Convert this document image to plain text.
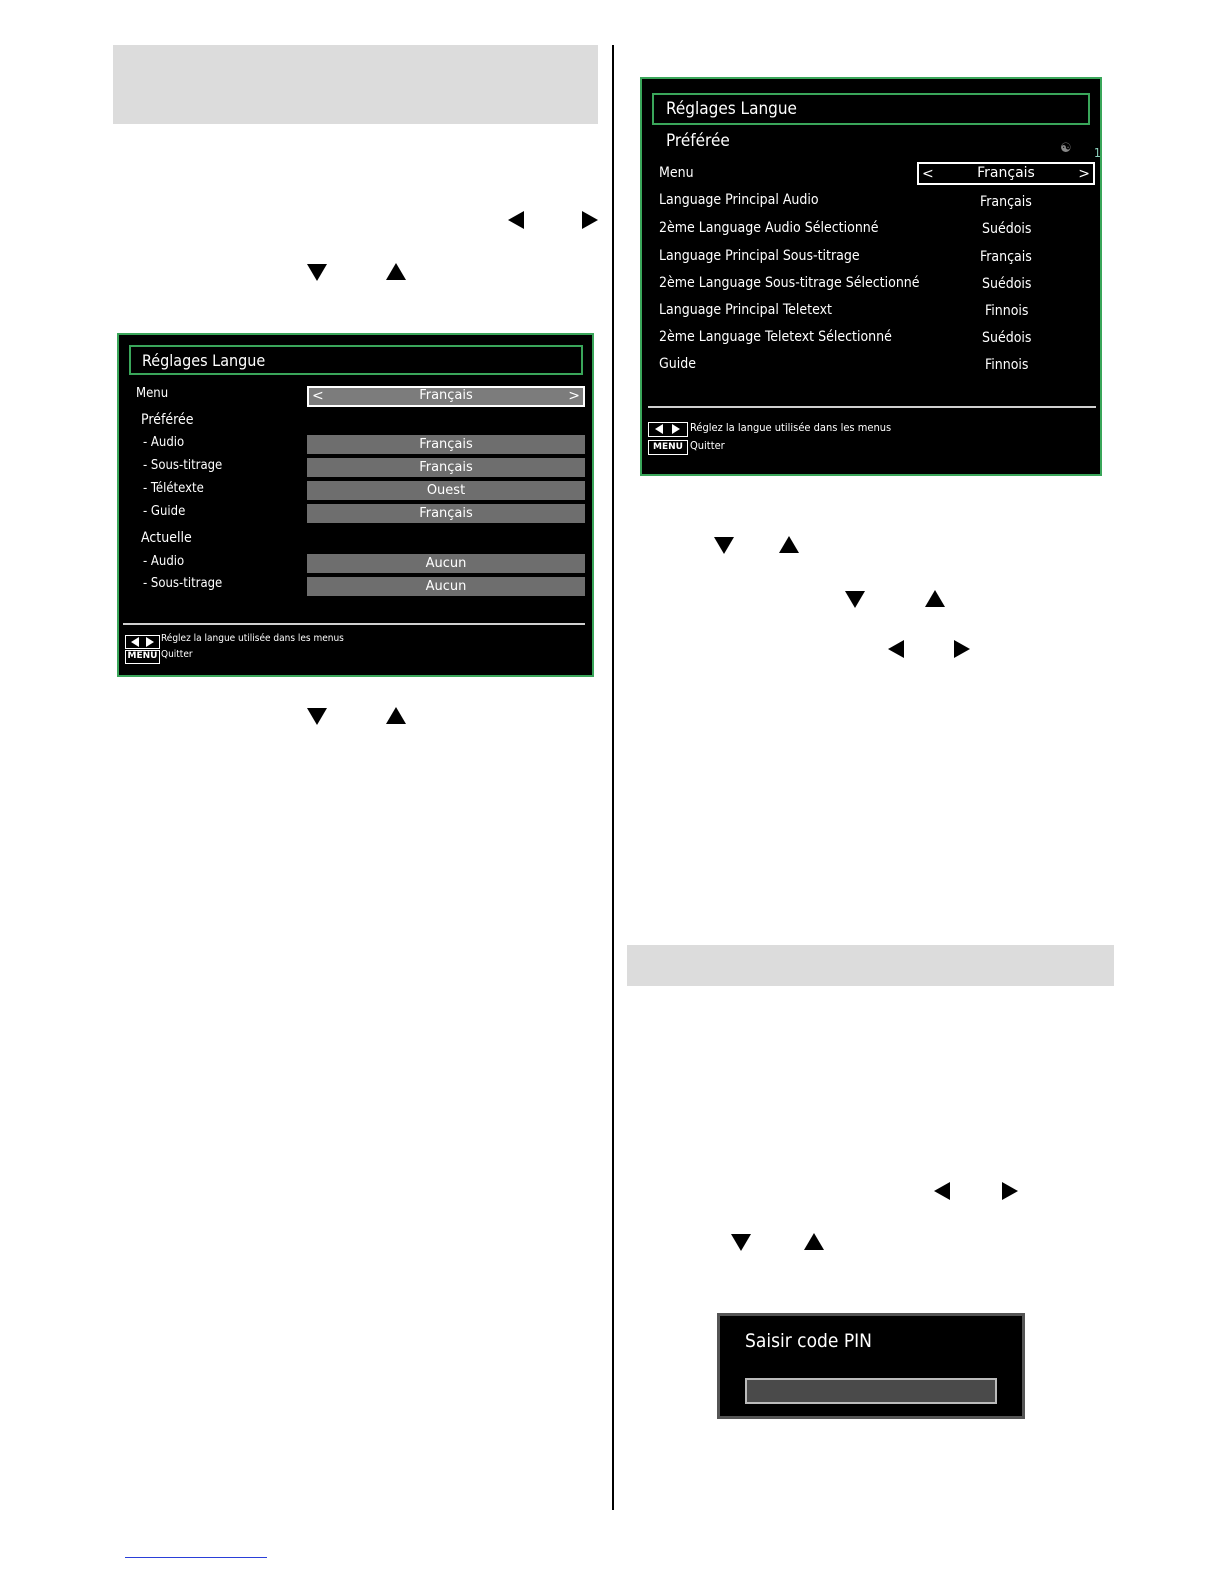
Réglages Langue
Menu	<	Français	>
Préférée
- Audio	Français
- Sous-titrage	Français
- Télétexte	Ouest
- Guide	Français
Actuelle
- Audio	Aucun
- Sous-titrage	Aucun
Réglez la langue utilisée dans les menus
MENU Quitter
Réglages Langue
Préférée	☯ 1
Menu	<	Français	>
Language Principal Audio	Français
2ème Language Audio Sélectionné	Suédois
Language Principal Sous-titrage	Français
2ème Language Sous-titrage Sélectionné	Suédois
Language Principal Teletext	Finnois
2ème Language Teletext Sélectionné	Suédois
Guide	Finnois
Réglez la langue utilisée dans les menus
MENU Quitter
Saisir code PIN
